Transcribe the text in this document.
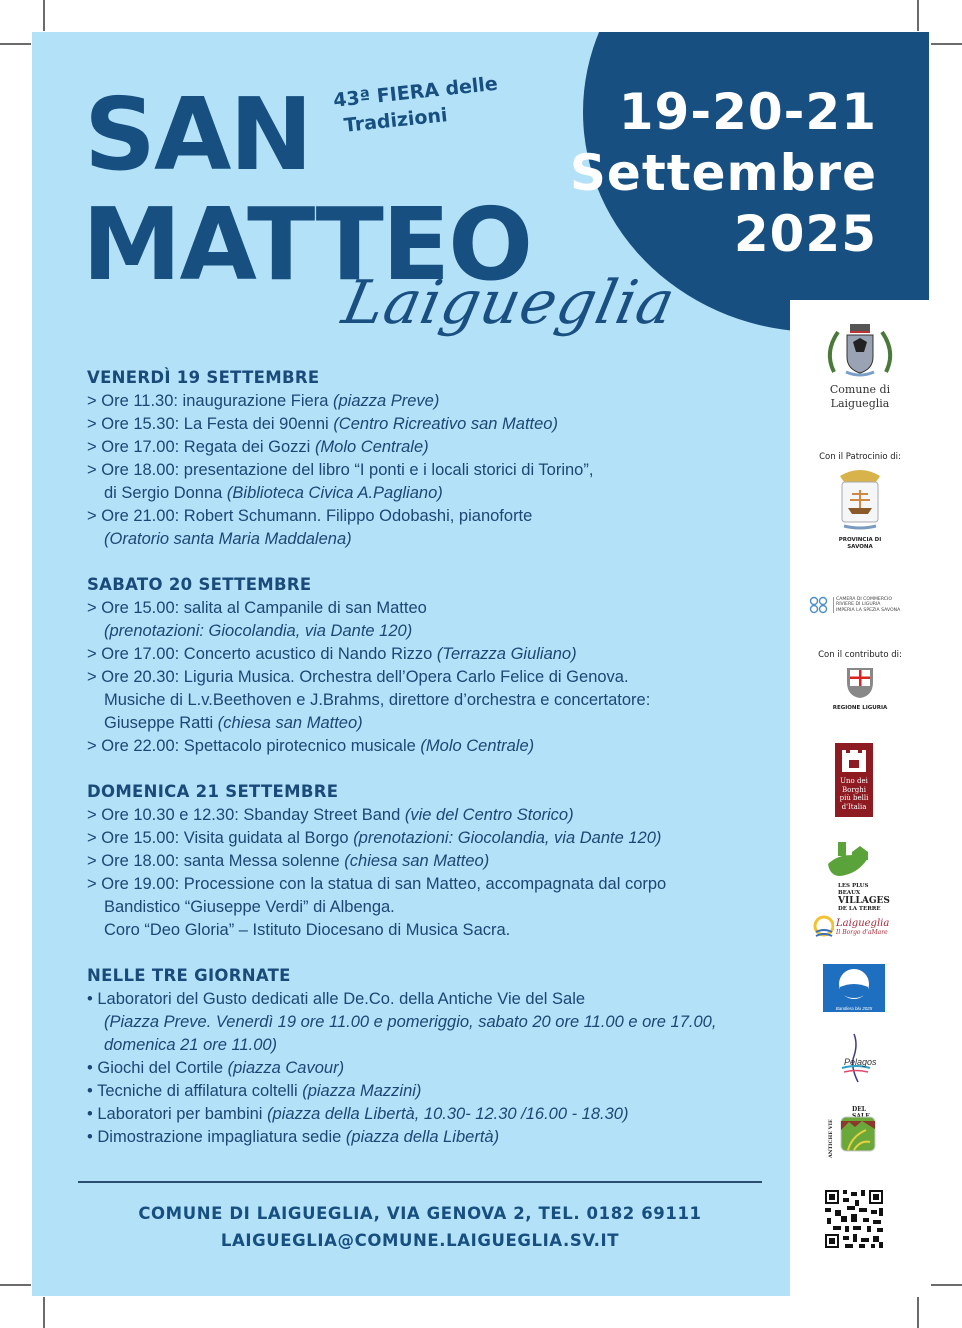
19-20-21
Settembre
2025
SAN
MATTEO
43ª FIERA delle
Tradizioni
Laigueglia
VENERDÌ 19 SETTEMBRE
> Ore 11.30: inaugurazione Fiera (piazza Preve)
> Ore 15.30: La Festa dei 90enni (Centro Ricreativo san Matteo)
> Ore 17.00: Regata dei Gozzi (Molo Centrale)
> Ore 18.00: presentazione del libro “I ponti e i locali storici di Torino”,
di Sergio Donna (Biblioteca Civica A.Pagliano)
> Ore 21.00: Robert Schumann. Filippo Odobashi, pianoforte
(Oratorio santa Maria Maddalena)
SABATO 20 SETTEMBRE
> Ore 15.00: salita al Campanile di san Matteo
(prenotazioni: Giocolandia, via Dante 120)
> Ore 17.00: Concerto acustico di Nando Rizzo (Terrazza Giuliano)
> Ore 20.30: Liguria Musica. Orchestra dell’Opera Carlo Felice di Genova.
Musiche di L.v.Beethoven e J.Brahms, direttore d’orchestra e concertatore:
Giuseppe Ratti (chiesa san Matteo)
> Ore 22.00: Spettacolo pirotecnico musicale (Molo Centrale)
DOMENICA 21 SETTEMBRE
> Ore 10.30 e 12.30: Sbanday Street Band (vie del Centro Storico)
> Ore 15.00: Visita guidata al Borgo (prenotazioni: Giocolandia, via Dante 120)
> Ore 18.00: santa Messa solenne (chiesa san Matteo)
> Ore 19.00: Processione con la statua di san Matteo, accompagnata dal corpo
Bandistico “Giuseppe Verdi” di Albenga.
Coro “Deo Gloria” – Istituto Diocesano di Musica Sacra.
NELLE TRE GIORNATE
• Laboratori del Gusto dedicati alle De.Co. della Antiche Vie del Sale
(Piazza Preve. Venerdì 19 ore 11.00 e pomeriggio, sabato 20 ore 11.00 e ore 17.00,
domenica 21 ore 11.00)
• Giochi del Cortile (piazza Cavour)
• Tecniche di affilatura coltelli (piazza Mazzini)
• Laboratori per bambini (piazza della Libertà, 10.30- 12.30 /16.00 - 18.30)
• Dimostrazione impagliatura sedie (piazza della Libertà)
COMUNE DI LAIGUEGLIA, VIA GENOVA 2, TEL. 0182 69111
LAIGUEGLIA@COMUNE.LAIGUEGLIA.SV.IT
Comune di
Laigueglia
Con il Patrocinio di:
PROVINCIA DI
SAVONA
CAMERA DI COMMERCIO
RIVIERE DI LIGURIA
IMPERIA LA SPEZIA SAVONA
Con il contributo di:
REGIONE LIGURIA
Uno dei
Borghi
più belli
d'Italia
LES PLUS BEAUX
VILLAGES
DE LA TERRE
Laigueglia
Il Borgo d'aMare
Bandiera blu 2025
Pelagos
ANTICHE VIE
DEL
